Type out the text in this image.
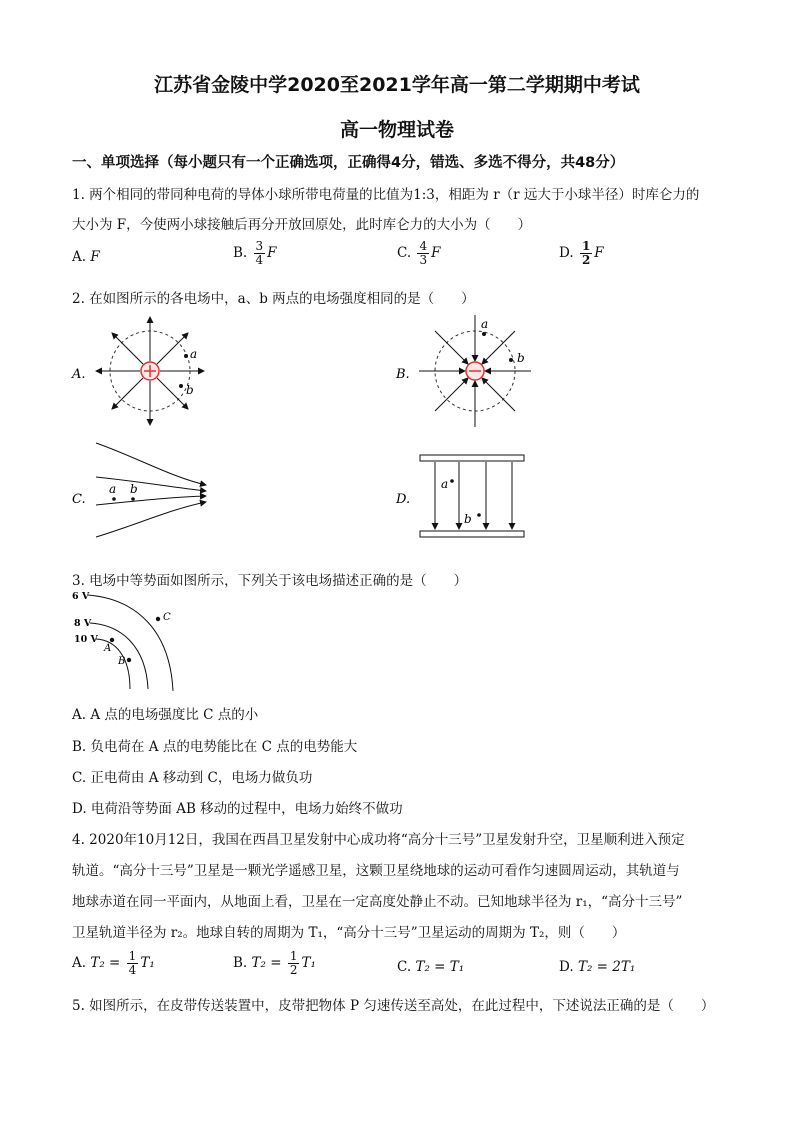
江苏省金陵中学2020至2021学年高一第二学期期中考试
高一物理试卷
一、单项选择（每小题只有一个正确选项，正确得4分，错选、多选不得分，共48分）
1. 两个相同的带同种电荷的导体小球所带电荷量的比值为1:3，相距为 r（r 远大于小球半径）时库仑力的
大小为 F，今使两小球接触后再分开放回原处，此时库仑力的大小为（　　）
A. F	B. $\frac{3}{4}$ F	C. $\frac{4}{3}$ F	D. $\frac{1}{2}$ F
2. 在如图所示的各电场中，a、b 两点的电场强度相同的是（　　）
A.
a
b
B.
a
b
C.
a b
D.
a
b
3. 电场中等势面如图所示，下列关于该电场描述正确的是（　　）
6 V
8 V
10 V
A
B
C
A. A 点的电场强度比 C 点的小
B. 负电荷在 A 点的电势能比在 C 点的电势能大
C. 正电荷由 A 移动到 C，电场力做负功
D. 电荷沿等势面 AB 移动的过程中，电场力始终不做功
4. 2020年10月12日，我国在西昌卫星发射中心成功将“高分十三号”卫星发射升空，卫星顺利进入预定
轨道。“高分十三号”卫星是一颗光学遥感卫星，这颗卫星绕地球的运动可看作匀速圆周运动，其轨道与
地球赤道在同一平面内，从地面上看，卫星在一定高度处静止不动。已知地球半径为 r₁，“高分十三号”
卫星轨道半径为 r₂。地球自转的周期为 T₁，“高分十三号”卫星运动的周期为 T₂，则（　　）
A. $T_2 = \frac{1}{4} T_1$	B. $T_2 = \frac{1}{2} T_1$	C. T₂ = T₁	D. T₂ = 2T₁
5. 如图所示，在皮带传送装置中，皮带把物体 P 匀速传送至高处，在此过程中，下述说法正确的是（　　）
